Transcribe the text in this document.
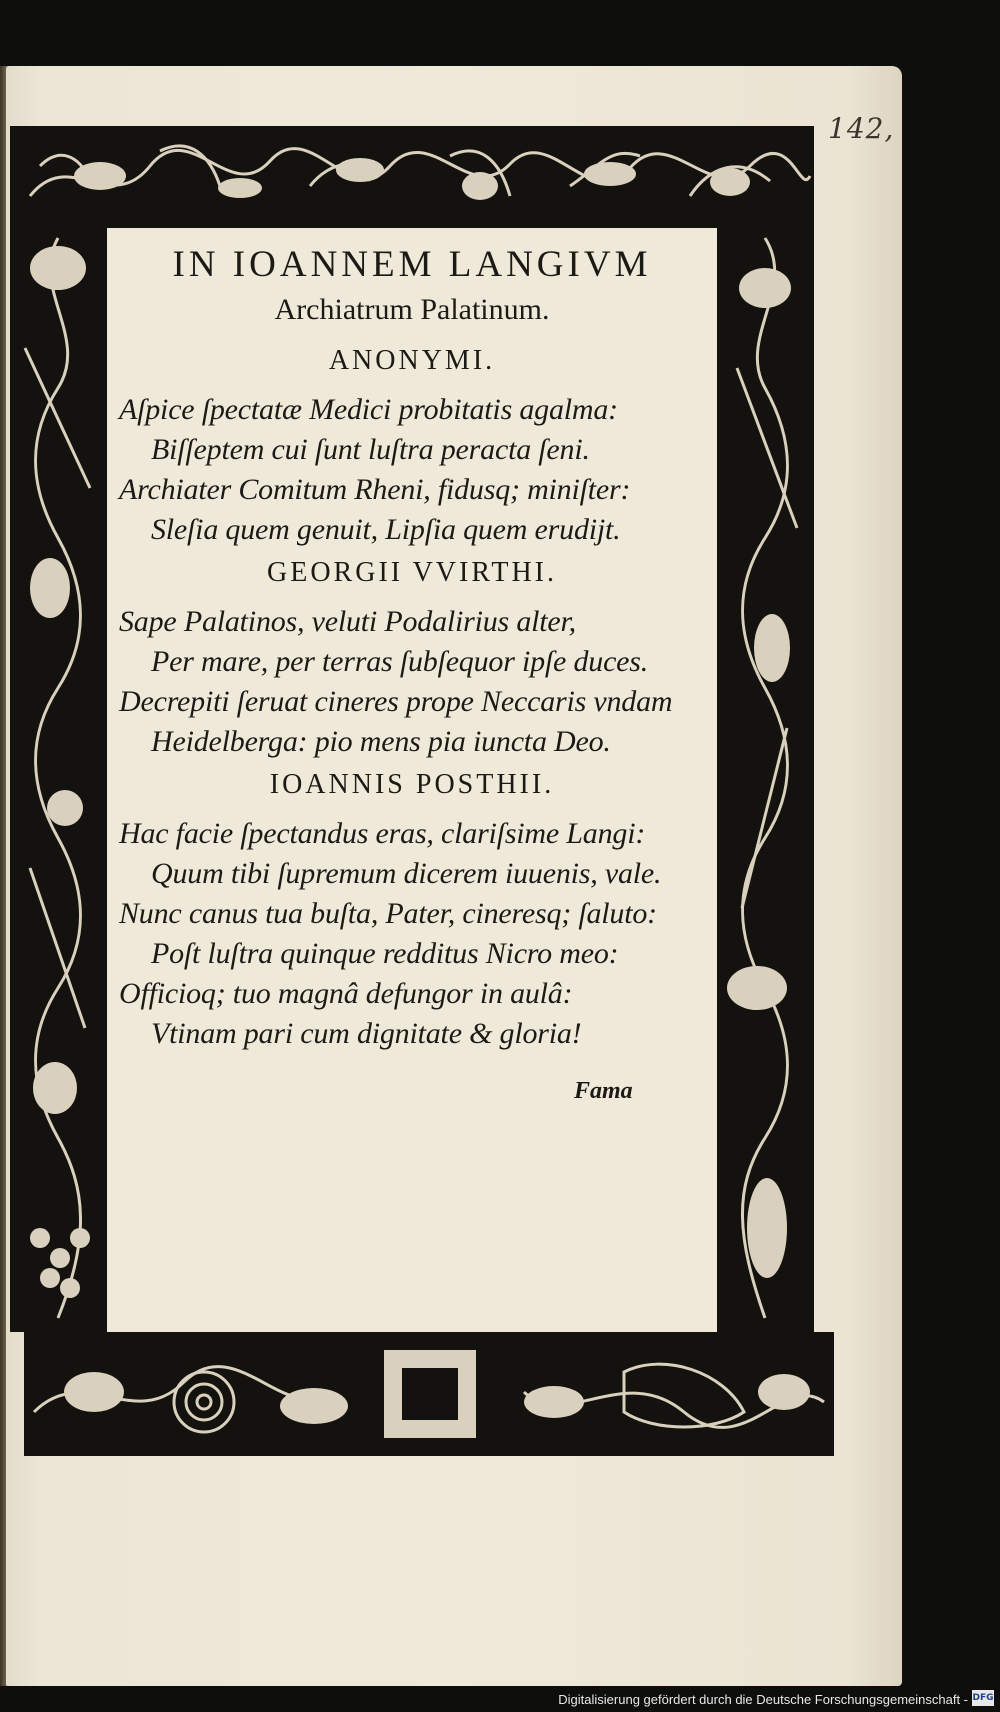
142,
IN IOANNEM LANGIVM
Archiatrum Palatinum.
ANONYMI.
Aſpice ſpectatæ Medici probitatis agalma:
Biſſeptem cui ſunt luſtra peracta ſeni.
Archiater Comitum Rheni, fidusq; miniſter:
Sleſia quem genuit, Lipſia quem erudijt.
GEORGII VVIRTHI.
Sape Palatinos, veluti Podalirius alter,
Per mare, per terras ſubſequor ipſe duces.
Decrepiti ſeruat cineres prope Neccaris vndam
Heidelberga: pio mens pia iuncta Deo.
IOANNIS POSTHII.
Hac facie ſpectandus eras, clariſsime Langi:
Quum tibi ſupremum dicerem iuuenis, vale.
Nunc canus tua buſta, Pater, cineresq; ſaluto:
Poſt luſtra quinque redditus Nicro meo:
Officioq; tuo magnâ defungor in aulâ:
Vtinam pari cum dignitate & gloria!
Fama
Digitalisierung gefördert durch die Deutsche Forschungsgemeinschaft - DFG
